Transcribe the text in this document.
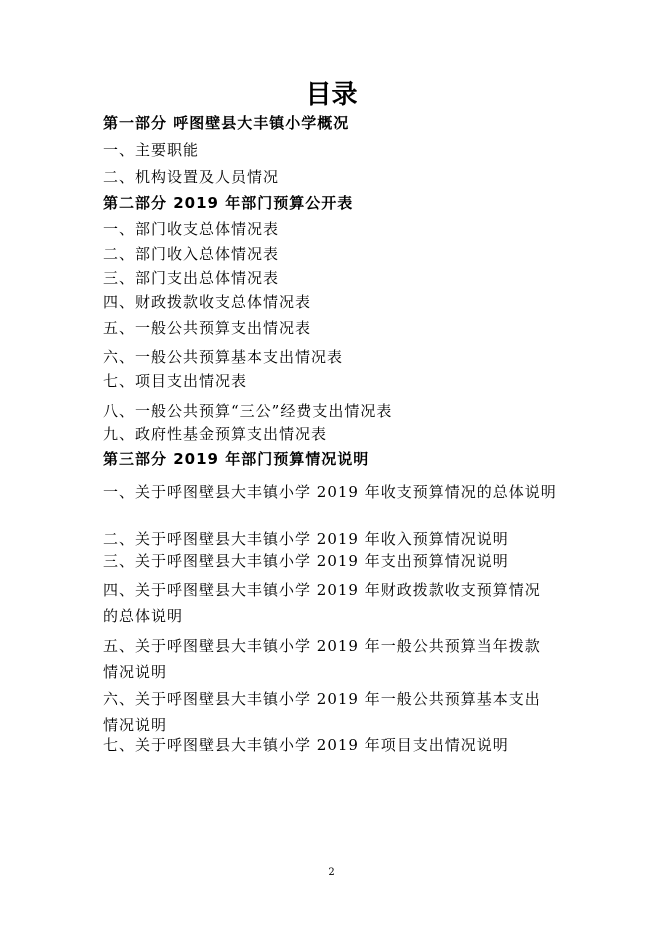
目录
第一部分 呼图壁县大丰镇小学概况
一、主要职能
二、机构设置及人员情况
第二部分 2019 年部门预算公开表
一、部门收支总体情况表
二、部门收入总体情况表
三、部门支出总体情况表
四、财政拨款收支总体情况表
五、一般公共预算支出情况表
六、一般公共预算基本支出情况表
七、项目支出情况表
八、一般公共预算“三公”经费支出情况表
九、政府性基金预算支出情况表
第三部分 2019 年部门预算情况说明
一、关于呼图壁县大丰镇小学 2019 年收支预算情况的总体说明
二、关于呼图壁县大丰镇小学 2019 年收入预算情况说明
三、关于呼图壁县大丰镇小学 2019 年支出预算情况说明
四、关于呼图壁县大丰镇小学 2019 年财政拨款收支预算情况的总体说明
五、关于呼图壁县大丰镇小学 2019 年一般公共预算当年拨款情况说明
六、关于呼图壁县大丰镇小学 2019 年一般公共预算基本支出情况说明
七、关于呼图壁县大丰镇小学 2019 年项目支出情况说明
2
